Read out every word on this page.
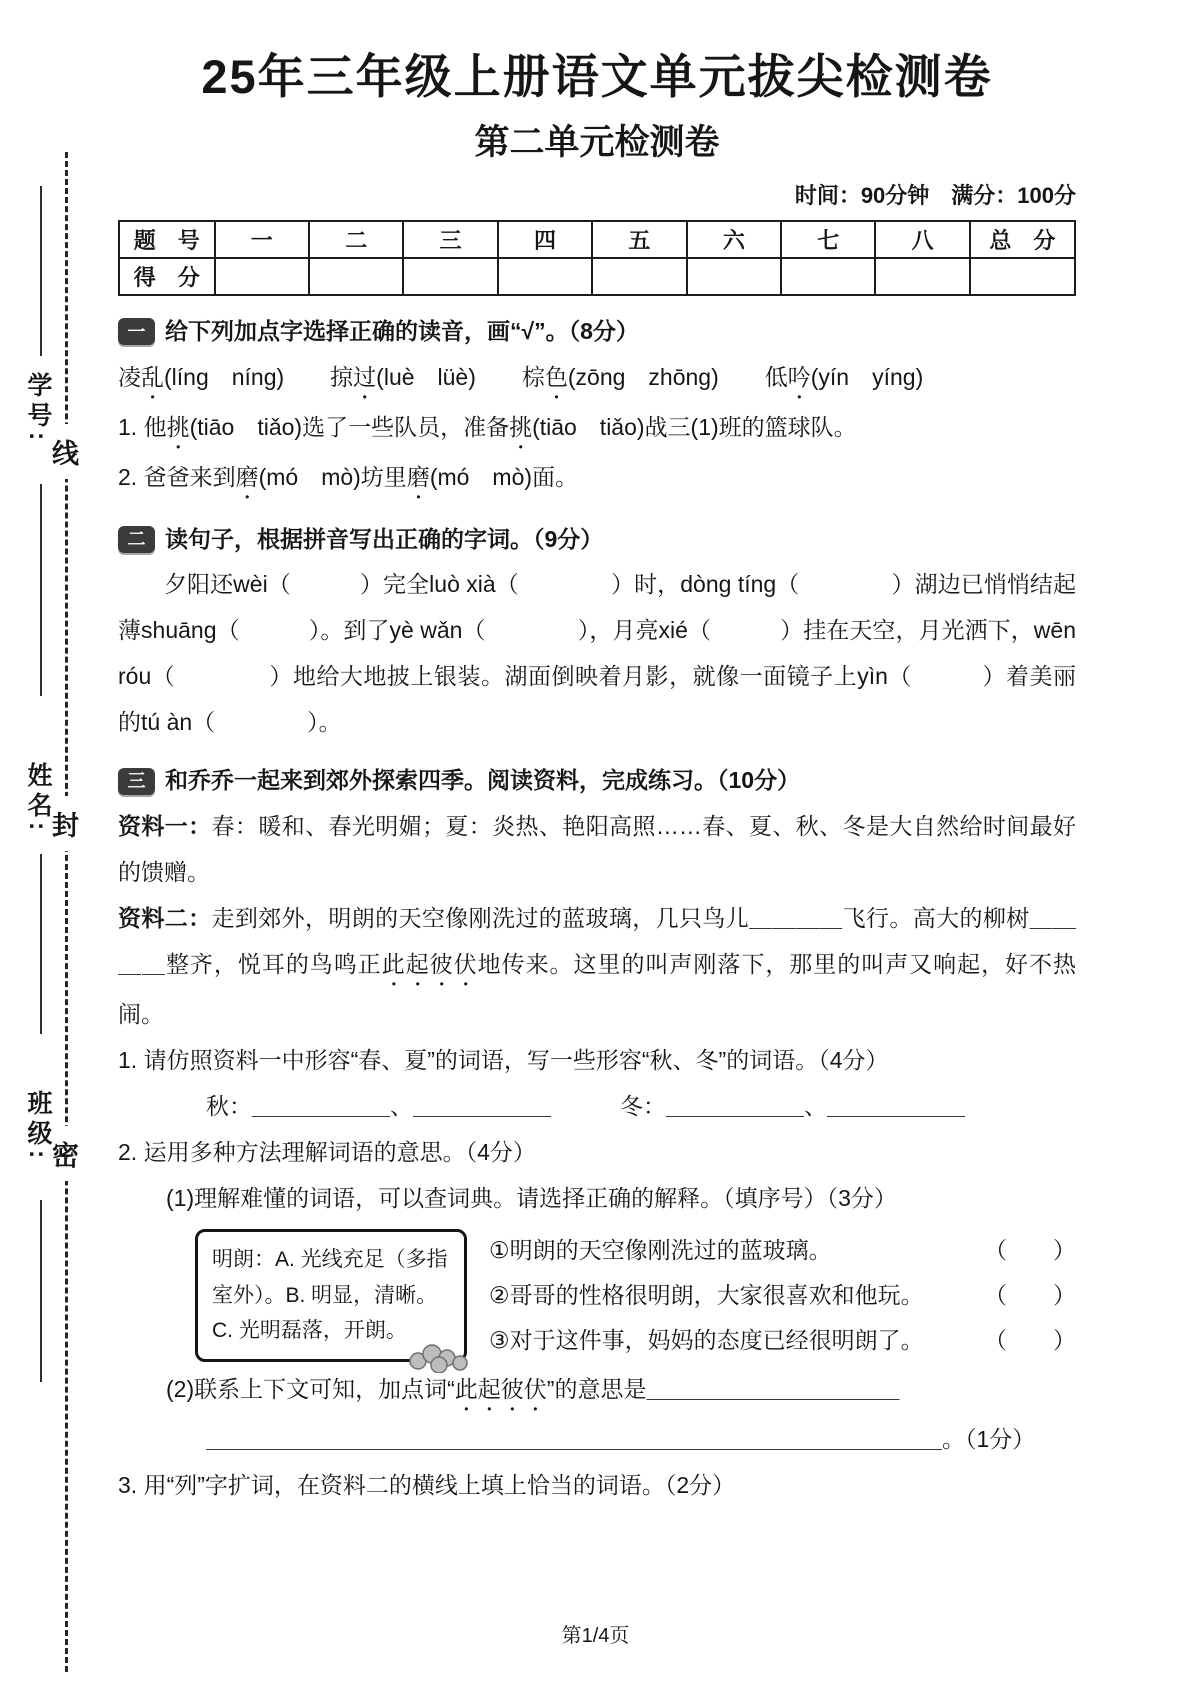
学号:
姓名:
班级:
线
封
密
25年三年级上册语文单元拔尖检测卷
第二单元检测卷
时间：90分钟　满分：100分
题　号	一	二	三	四	五	六	七	八	总　分
得　分									
一 给下列加点字选择正确的读音，画“√”。（8分）
凌乱(líng　níng)　　掠过(luè　lüè)　　棕色(zōng　zhōng)　　低吟(yín　yíng)
1. 他挑(tiāo　tiǎo)选了一些队员，准备挑(tiāo　tiǎo)战三(1)班的篮球队。
2. 爸爸来到磨(mó　mò)坊里磨(mó　mò)面。
二 读句子，根据拼音写出正确的字词。（9分）
夕阳还wèi（　　　）完全luò xià（　　　　）时，dòng tíng（　　　　）湖边已悄悄结起薄shuāng（　　　）。到了yè wǎn（　　　　），月亮xié（　　　）挂在天空，月光洒下，wēn róu（　　　　）地给大地披上银装。湖面倒映着月影，就像一面镜子上yìn（　　　）着美丽的tú àn（　　　　）。
三 和乔乔一起来到郊外探索四季。阅读资料，完成练习。（10分）
资料一：春：暖和、春光明媚；夏：炎热、艳阳高照……春、夏、秋、冬是大自然给时间最好的馈赠。
资料二：走到郊外，明朗的天空像刚洗过的蓝玻璃，几只鸟儿＿＿＿＿飞行。高大的柳树＿＿＿＿整齐，悦耳的鸟鸣正此起彼伏地传来。这里的叫声刚落下，那里的叫声又响起，好不热闹。
1. 请仿照资料一中形容“春、夏”的词语，写一些形容“秋、冬”的词语。（4分）
秋：＿＿＿＿＿＿、＿＿＿＿＿＿　　　冬：＿＿＿＿＿＿、＿＿＿＿＿＿
2. 运用多种方法理解词语的意思。（4分）
(1)理解难懂的词语，可以查词典。请选择正确的解释。（填序号）（3分）
明朗：A. 光线充足（多指室外）。B. 明显，清晰。C. 光明磊落，开朗。
①明朗的天空像刚洗过的蓝玻璃。	（　　）
②哥哥的性格很明朗，大家很喜欢和他玩。	（　　）
③对于这件事，妈妈的态度已经很明朗了。	（　　）
(2)联系上下文可知，加点词“此起彼伏”的意思是＿＿＿＿＿＿＿＿＿＿＿
＿＿＿＿＿＿＿＿＿＿＿＿＿＿＿＿＿＿＿＿＿＿＿＿＿＿＿＿＿＿＿＿。（1分）
3. 用“列”字扩词，在资料二的横线上填上恰当的词语。（2分）
第1/4页
